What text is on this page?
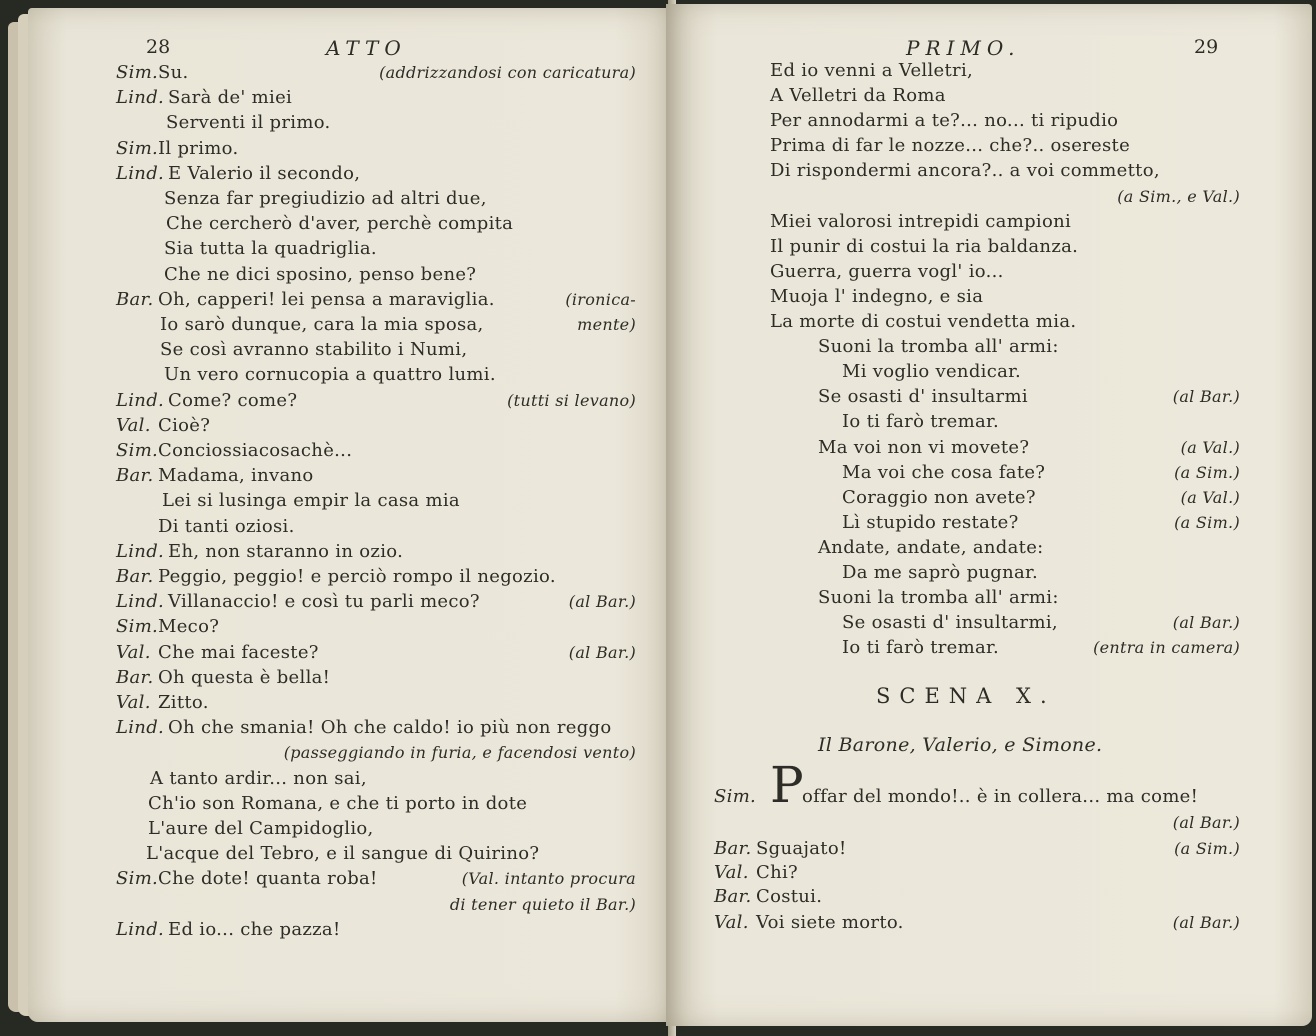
28	ATTO
Sim. Su.	(addrizzandosi con caricatura)
Lind. Sarà de' miei
Serventi il primo.
Sim. Il primo.
Lind. E Valerio il secondo,
Senza far pregiudizio ad altri due,
Che cercherò d'aver, perchè compita
Sia tutta la quadriglia.
Che ne dici sposino, penso bene?
Bar. Oh, capperi! lei pensa a maraviglia.	(ironica-
Io sarò dunque, cara la mia sposa,	mente)
Se così avranno stabilito i Numi,
Un vero cornucopia a quattro lumi.
Lind. Come? come?	(tutti si levano)
Val. Cioè?
Sim. Conciossiacosachè...
Bar. Madama, invano
Lei si lusinga empir la casa mia
Di tanti oziosi.
Lind. Eh, non staranno in ozio.
Bar. Peggio, peggio! e perciò rompo il negozio.
Lind. Villanaccio! e così tu parli meco?	(al Bar.)
Sim. Meco?
Val. Che mai faceste?	(al Bar.)
Bar. Oh questa è bella!
Val. Zitto.
Lind. Oh che smania! Oh che caldo! io più non reggo
(passeggiando in furia, e facendosi vento)
A tanto ardir... non sai,
Ch'io son Romana, e che ti porto in dote
L'aure del Campidoglio,
L'acque del Tebro, e il sangue di Quirino?
Sim. Che dote! quanta roba!	(Val. intanto procura
di tener quieto il Bar.)
Lind. Ed io... che pazza!
PRIMO.	29
Ed io venni a Velletri,
A Velletri da Roma
Per annodarmi a te?... no... ti ripudio
Prima di far le nozze... che?.. osereste
Di rispondermi ancora?.. a voi commetto,
(a Sim., e Val.)
Miei valorosi intrepidi campioni
Il punir di costui la ria baldanza.
Guerra, guerra vogl' io...
Muoja l' indegno, e sia
La morte di costui vendetta mia.
Suoni la tromba all' armi:
Mi voglio vendicar.
Se osasti d' insultarmi	(al Bar.)
Io ti farò tremar.
Ma voi non vi movete?	(a Val.)
Ma voi che cosa fate?	(a Sim.)
Coraggio non avete?	(a Val.)
Lì stupido restate?	(a Sim.)
Andate, andate, andate:
Da me saprò pugnar.
Suoni la tromba all' armi:
Se osasti d' insultarmi,	(al Bar.)
Io ti farò tremar.	(entra in camera)
SCENA X.
Il Barone, Valerio, e Simone.
Sim. P
offar del mondo!.. è in collera... ma come!
(al Bar.)
Bar. Sguajato!	(a Sim.)
Val. Chi?
Bar. Costui.
Val. Voi siete morto.	(al Bar.)
